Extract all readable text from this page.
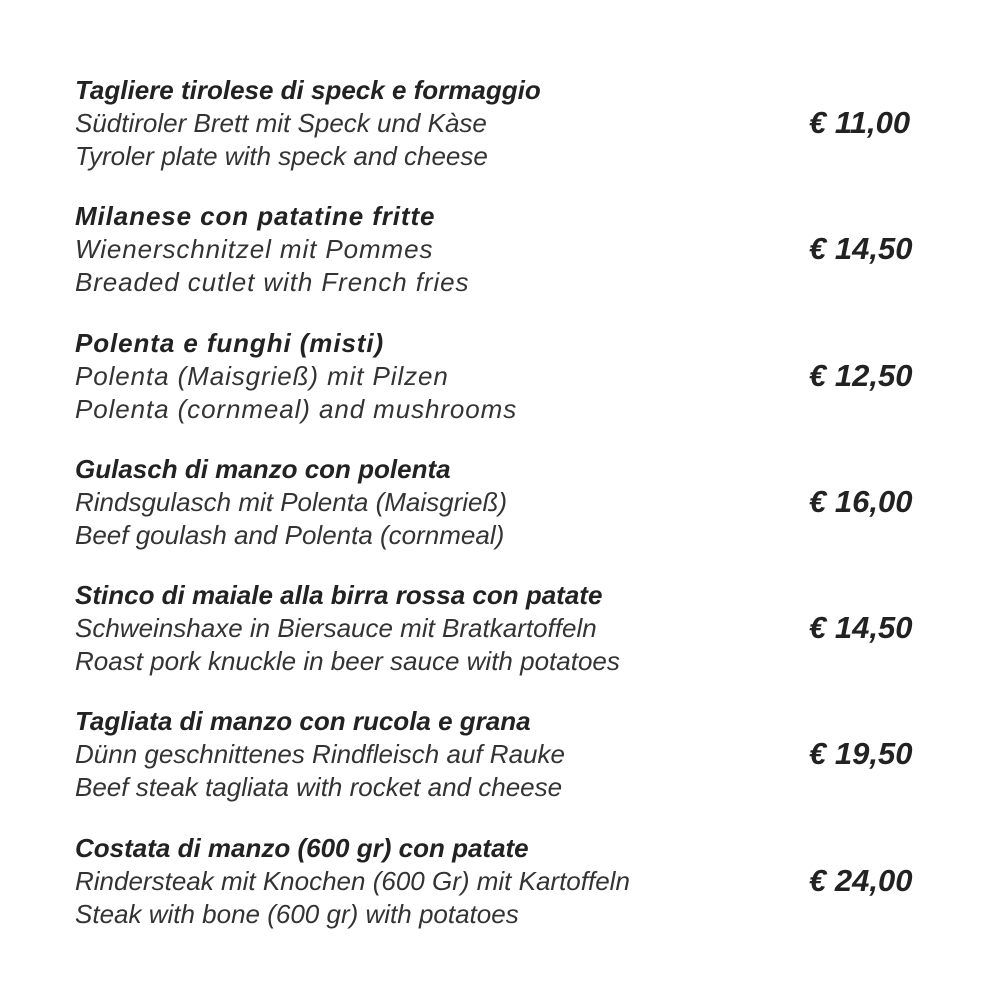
Tagliere tirolese di speck e formaggio
Südtiroler Brett mit Speck und Kàse
Tyroler plate with speck and cheese
€ 11,00
Milanese con patatine fritte
Wienerschnitzel mit Pommes
Breaded cutlet with French fries
€ 14,50
Polenta e funghi (misti)
Polenta (Maisgrieß) mit Pilzen
Polenta (cornmeal) and mushrooms
€ 12,50
Gulasch di manzo con polenta
Rindsgulasch mit Polenta (Maisgrieß)
Beef goulash and Polenta (cornmeal)
€ 16,00
Stinco di maiale alla birra rossa con patate
Schweinshaxe in Biersauce mit Bratkartoffeln
Roast pork knuckle in beer sauce with potatoes
€ 14,50
Tagliata di manzo con rucola e grana
Dünn geschnittenes Rindfleisch auf Rauke
Beef steak tagliata with rocket and cheese
€ 19,50
Costata di manzo (600 gr) con patate
Rindersteak mit Knochen (600 Gr) mit Kartoffeln
Steak with bone (600 gr) with potatoes
€ 24,00
